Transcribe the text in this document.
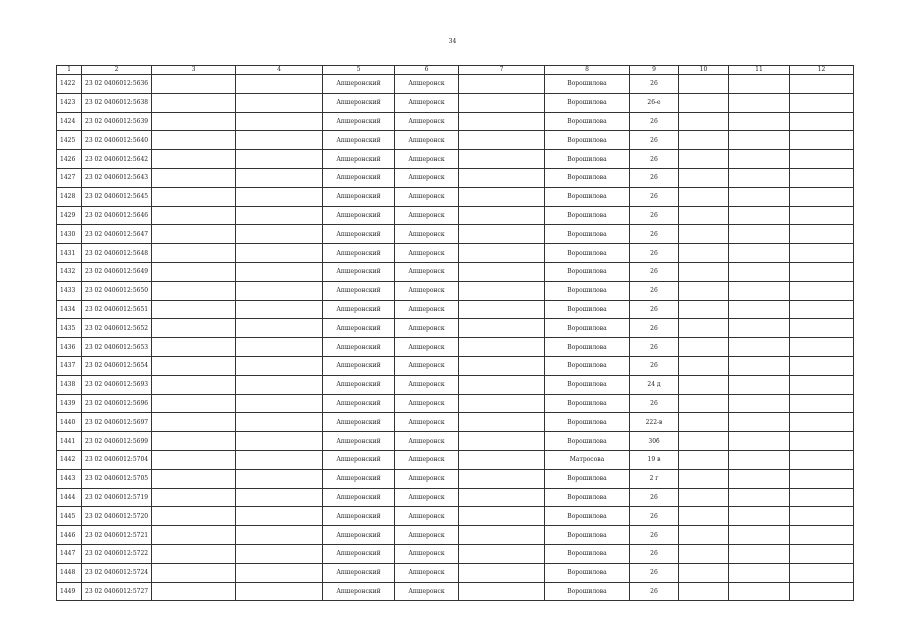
34
1	2	3	4	5	6	7	8	9	10	11	12
1422	23 02 0406012:5636			Апшеронский	Апшеронск		Ворошилова	26			
1423	23 02 0406012:5638			Апшеронский	Апшеронск		Ворошилова	26-е			
1424	23 02 0406012:5639			Апшеронский	Апшеронск		Ворошилова	26			
1425	23 02 0406012:5640			Апшеронский	Апшеронск		Ворошилова	26			
1426	23 02 0406012:5642			Апшеронский	Апшеронск		Ворошилова	26			
1427	23 02 0406012:5643			Апшеронский	Апшеронск		Ворошилова	26			
1428	23 02 0406012:5645			Апшеронский	Апшеронск		Ворошилова	26			
1429	23 02 0406012:5646			Апшеронский	Апшеронск		Ворошилова	26			
1430	23 02 0406012:5647			Апшеронский	Апшеронск		Ворошилова	26			
1431	23 02 0406012:5648			Апшеронский	Апшеронск		Ворошилова	26			
1432	23 02 0406012:5649			Апшеронский	Апшеронск		Ворошилова	26			
1433	23 02 0406012:5650			Апшеронский	Апшеронск		Ворошилова	26			
1434	23 02 0406012:5651			Апшеронский	Апшеронск		Ворошилова	26			
1435	23 02 0406012:5652			Апшеронский	Апшеронск		Ворошилова	26			
1436	23 02 0406012:5653			Апшеронский	Апшеронск		Ворошилова	26			
1437	23 02 0406012:5654			Апшеронский	Апшеронск		Ворошилова	26			
1438	23 02 0406012:5693			Апшеронский	Апшеронск		Ворошилова	24 д			
1439	23 02 0406012:5696			Апшеронский	Апшеронск		Ворошилова	26			
1440	23 02 0406012:5697			Апшеронский	Апшеронск		Ворошилова	222-в			
1441	23 02 0406012:5699			Апшеронский	Апшеронск		Ворошилова	30б			
1442	23 02 0406012:5704			Апшеронский	Апшеронск		Матросова	19 в			
1443	23 02 0406012:5705			Апшеронский	Апшеронск		Ворошилова	2 г			
1444	23 02 0406012:5719			Апшеронский	Апшеронск		Ворошилова	26			
1445	23 02 0406012:5720			Апшеронский	Апшеронск		Ворошилова	26			
1446	23 02 0406012:5721			Апшеронский	Апшеронск		Ворошилова	26			
1447	23 02 0406012:5722			Апшеронский	Апшеронск		Ворошилова	26			
1448	23 02 0406012:5724			Апшеронский	Апшеронск		Ворошилова	26			
1449	23 02 0406012:5727			Апшеронский	Апшеронск		Ворошилова	26			
